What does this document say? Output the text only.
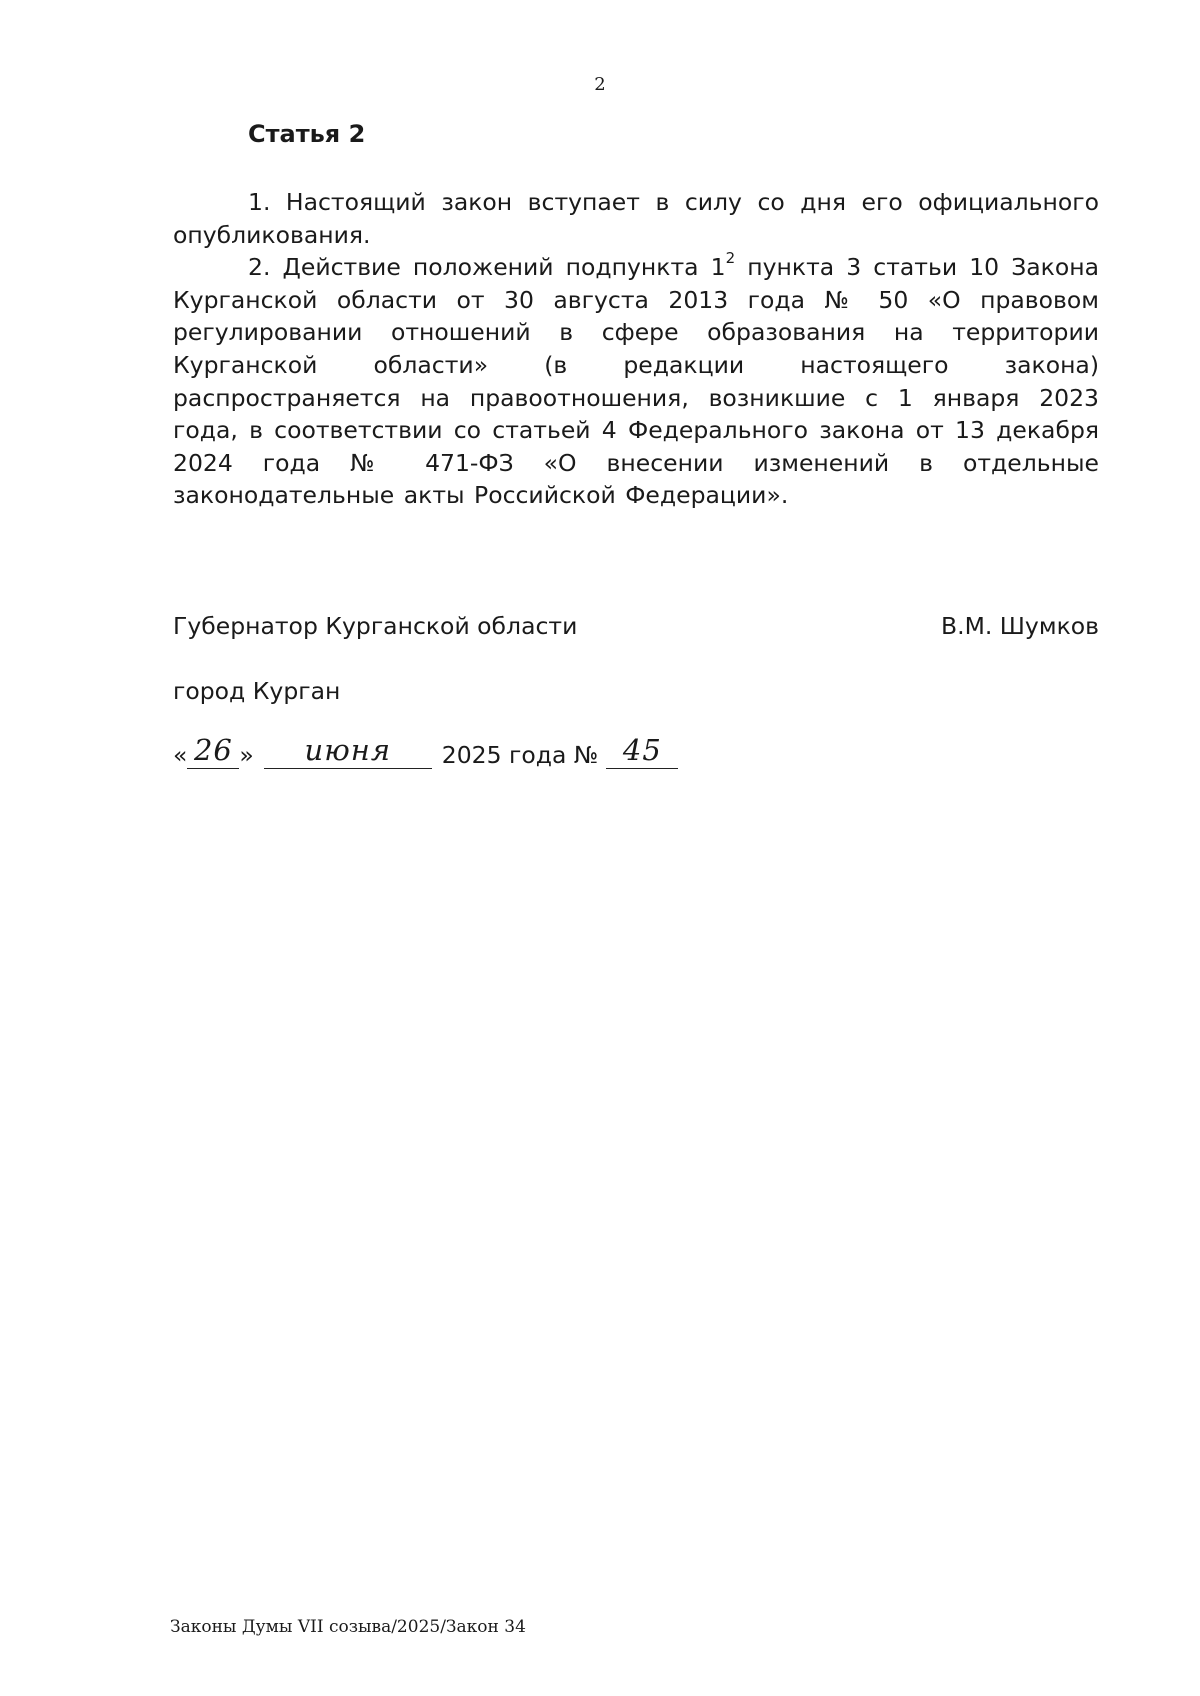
2
Статья 2

1. Настоящий закон вступает в силу со дня его официального опубликования.

2. Действие положений подпункта $1^2$ пункта 3 статьи 10 Закона Курганской области от 30 августа 2013 года № 50 «О правовом регулировании отношений в сфере образования на территории Курганской области» (в редакции настоящего закона) распространяется на правоотношения, возникшие с 1 января 2023 года, в соответствии со статьей 4 Федерального закона от 13 декабря 2024 года № 471-ФЗ «О внесении изменений в отдельные законодательные акты Российской Федерации».

Губернатор Курганской области	В.М. Шумков
город Курган
« 26 »	июня	2025 года № 45
Законы Думы VII созыва/2025/Закон 34
